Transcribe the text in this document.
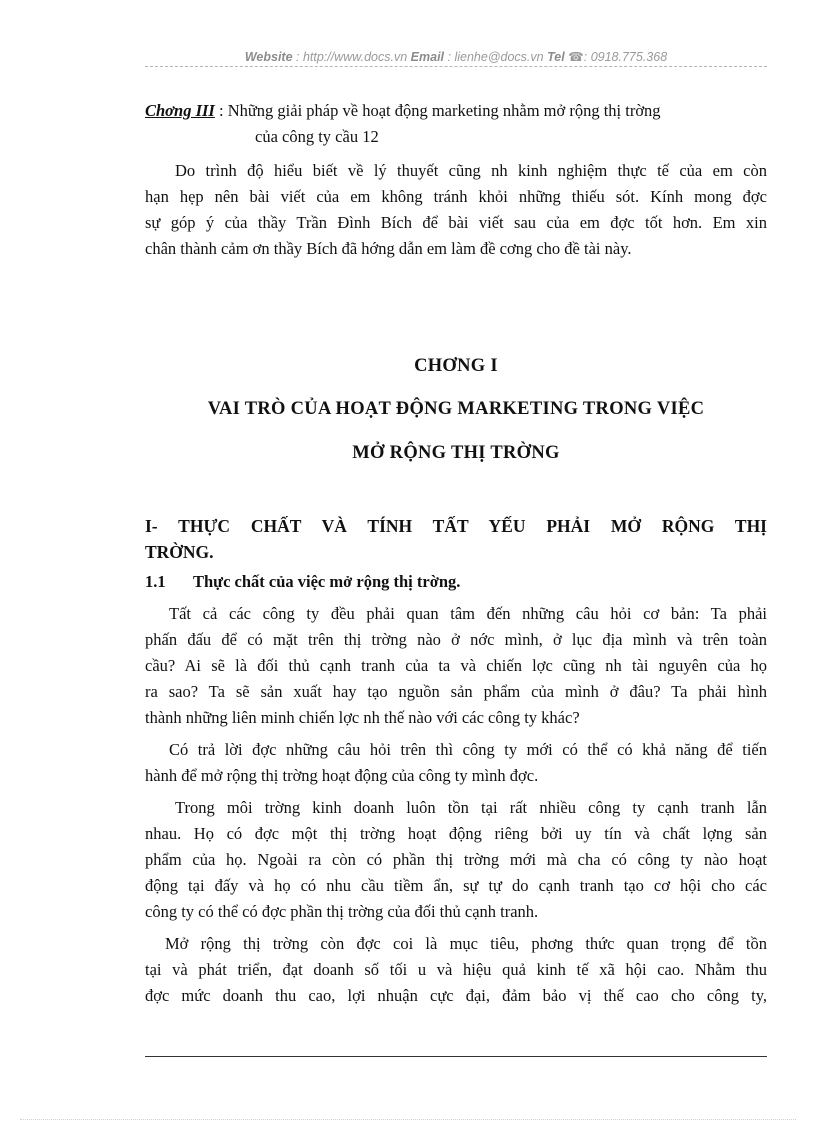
Website : http://www.docs.vn Email : lienhe@docs.vn Tel ☎: 0918.775.368
Chơng III : Những giải pháp về hoạt động marketing nhằm mở rộng thị trờng
của công ty cầu 12

Do trình độ hiểu biết về lý thuyết cũng nh kinh nghiệm thực tế của em còn
hạn hẹp nên bài viết của em không tránh khỏi những thiếu sót. Kính mong đợc
sự góp ý của thầy Trần Đình Bích để bài viết sau của em đợc tốt hơn. Em xin
chân thành cảm ơn thầy Bích đã hớng dẫn em làm đề cơng cho đề tài này.

CHƠNG I
VAI TRÒ CỦA HOẠT ĐỘNG MARKETING TRONG VIỆC
MỞ RỘNG THỊ TRỜNG
I- THỰC CHẤT VÀ TÍNH TẤT YẾU PHẢI MỞ RỘNG THỊ
TRỜNG.
1.1 Thực chất của việc mở rộng thị trờng.

Tất cả các công ty đều phải quan tâm đến những câu hỏi cơ bản: Ta phải
phấn đấu để có mặt trên thị trờng nào ở nớc mình, ở lục địa mình và trên toàn
cầu? Ai sẽ là đối thủ cạnh tranh của ta và chiến lợc cũng nh tài nguyên của họ
ra sao? Ta sẽ sản xuất hay tạo nguồn sản phẩm của mình ở đâu? Ta phải hình
thành những liên minh chiến lợc nh thế nào với các công ty khác?

Có trả lời đợc những câu hỏi trên thì công ty mới có thể có khả năng để tiến
hành để mở rộng thị trờng hoạt động của công ty mình đợc.

Trong môi trờng kinh doanh luôn tồn tại rất nhiều công ty cạnh tranh lẫn
nhau. Họ có đợc một thị trờng hoạt động riêng bởi uy tín và chất lợng sản
phẩm của họ. Ngoài ra còn có phần thị trờng mới mà cha có công ty nào hoạt
động tại đấy và họ có nhu cầu tiềm ẩn, sự tự do cạnh tranh tạo cơ hội cho các
công ty có thể có đợc phần thị trờng của đối thủ cạnh tranh.

Mở rộng thị trờng còn đợc coi là mục tiêu, phơng thức quan trọng để tồn
tại và phát triển, đạt doanh số tối u và hiệu quả kinh tế xã hội cao. Nhằm thu
đợc mức doanh thu cao, lợi nhuận cực đại, đảm bảo vị thế cao cho công ty,
